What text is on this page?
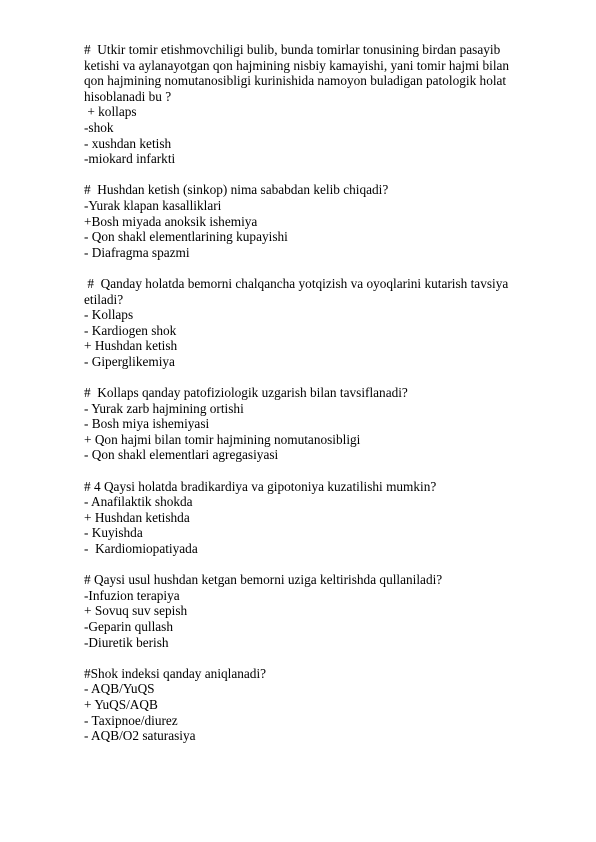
#  Utkir tomir etishmovchiligi bulib, bunda tomirlar tonusining birdan pasayib
ketishi va aylanayotgan qon hajmining nisbiy kamayishi, yani tomir hajmi bilan
qon hajmining nomutanosibligi kurinishida namoyon buladigan patologik holat
hisoblanadi bu ?
+ kollaps
-shok
- xushdan ketish
-miokard infarkti
#  Hushdan ketish (sinkop) nima sababdan kelib chiqadi?
-Yurak klapan kasalliklari
+Bosh miyada anoksik ishemiya
- Qon shakl elementlarining kupayishi
- Diafragma spazmi
#  Qanday holatda bemorni chalqancha yotqizish va oyoqlarini kutarish tavsiya
etiladi?
- Kollaps
- Kardiogen shok
+ Hushdan ketish
- Giperglikemiya
#  Kollaps qanday patofiziologik uzgarish bilan tavsiflanadi?
- Yurak zarb hajmining ortishi
- Bosh miya ishemiyasi
+ Qon hajmi bilan tomir hajmining nomutanosibligi
- Qon shakl elementlari agregasiyasi
# 4 Qaysi holatda bradikardiya va gipotoniya kuzatilishi mumkin?
- Anafilaktik shokda
+ Hushdan ketishda
- Kuyishda
-  Kardiomiopatiyada
# Qaysi usul hushdan ketgan bemorni uziga keltirishda qullaniladi?
-Infuzion terapiya
+ Sovuq suv sepish
-Geparin qullash
-Diuretik berish
#Shok indeksi qanday aniqlanadi?
- AQB/YuQS
+ YuQS/AQB
- Taxipnoe/diurez
- AQB/O2 saturasiya
